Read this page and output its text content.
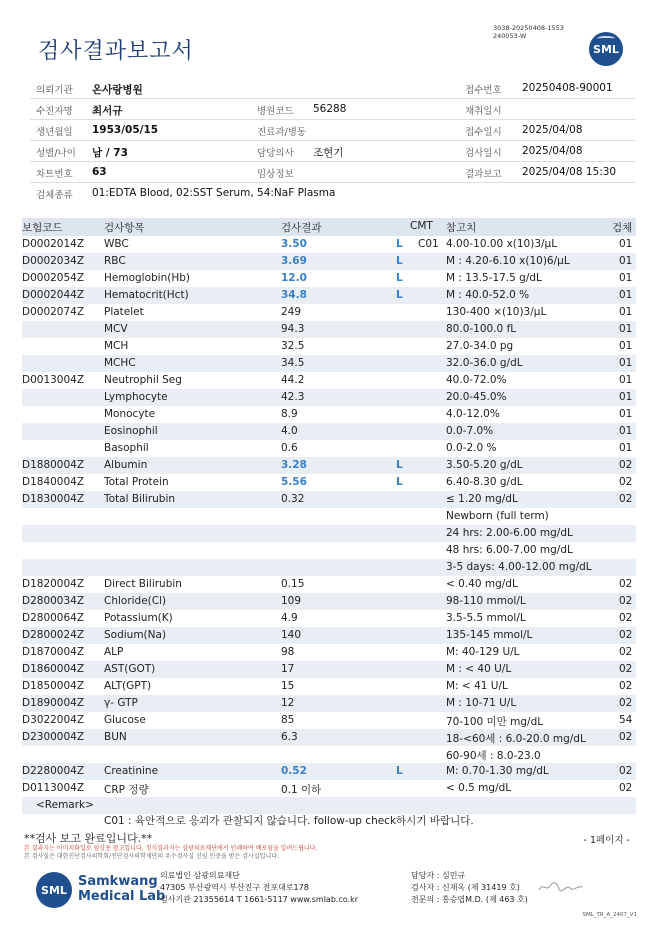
3038-20250408-1553
240053-W
검사결과보고서	SML
의뢰기관 온사랑병원	접수번호 20250408-90001
수진자명 최서규	병원코드 56288	채취일시
생년월일 1953/05/15	진료과/병동	접수일시 2025/04/08
성별/나이 남 / 73	담당의사 조현기	검사일시 2025/04/08
차트번호 63	임상정보	결과보고 2025/04/08 15:30
검체종류 01:EDTA Blood, 02:SST Serum, 54:NaF Plasma
보험코드	검사항목	검사결과	CMT 참고치	검체
D0002014Z WBC	3.50	L C01 4.00-10.00 x(10)3/μL	01
D0002034Z RBC	3.69	L	M : 4.20-6.10 x(10)6/μL	01
D0002054Z Hemoglobin(Hb)	12.0	L	M : 13.5-17.5 g/dL	01
D0002044Z Hematocrit(Hct)	34.8	L	M : 40.0-52.0 %	01
D0002074Z Platelet	249	130-400 ×(10)3/μL	01
MCV	94.3	80.0-100.0 fL	01
MCH	32.5	27.0-34.0 pg	01
MCHC	34.5	32.0-36.0 g/dL	01
D0013004Z Neutrophil Seg	44.2	40.0-72.0%	01
Lymphocyte	42.3	20.0-45.0%	01
Monocyte	8.9	4.0-12.0%	01
Eosinophil	4.0	0.0-7.0%	01
Basophil	0.6	0.0-2.0 %	01
D1880004Z Albumin	3.28	L	3.50-5.20 g/dL	02
D1840004Z Total Protein	5.56	L	6.40-8.30 g/dL	02
D1830004Z Total Bilirubin	0.32	≤ 1.20 mg/dL	02
Newborn (full term)
24 hrs: 2.00-6.00 mg/dL
48 hrs: 6.00-7.00 mg/dL
3-5 days: 4.00-12.00 mg/dL
D1820004Z Direct Bilirubin	0.15	< 0.40 mg/dL	02
D2800034Z Chloride(Cl)	109	98-110 mmol/L	02
D2800064Z Potassium(K)	4.9	3.5-5.5 mmol/L	02
D2800024Z Sodium(Na)	140	135-145 mmol/L	02
D1870004Z ALP	98	M: 40-129 U/L	02
D1860004Z AST(GOT)	17	M : < 40 U/L	02
D1850004Z ALT(GPT)	15	M: < 41 U/L	02
D1890004Z γ- GTP	12	M : 10-71 U/L	02
D3022004Z Glucose	85	70-100 미만 mg/dL	54
D2300004Z BUN	6.3	18-<60세 : 6.0-20.0 mg/dL	02
60-90세 : 8.0-23.0
D2280004Z Creatinine	0.52	L	M: 0.70-1.30 mg/dL	02
D0113004Z CRP 정량	0.1 이하	< 0.5 mg/dL	02
<Remark>
C01 : 육안적으로 응괴가 관찰되지 않습니다. follow-up check하시기 바랍니다.
**검사 보고 완료입니다.**	- 1페이지 -
본 결과지는 이미지화일로 임상용 참고입니다. 정식결과지는 삼광의료재단에서 인쇄하여 배포됨을 알려드립니다.
본 검사실은 대한진단검사의학회/진단검사의학재단의 우수검사실 신임 인증을 받은 검사실입니다.
SML
Samkwang
Medical Lab
의료법인 삼광의료재단
47305 부산광역시 부산진구 전포대로178
검사기관 21355614 T 1661-5117 www.smlab.co.kr
담당자 : 심민규
검사자 : 신재옥 (제 31419 호)
전문의 : 홍승엽M.D. (제 463 호)
SML_TR_A_2407_V1
